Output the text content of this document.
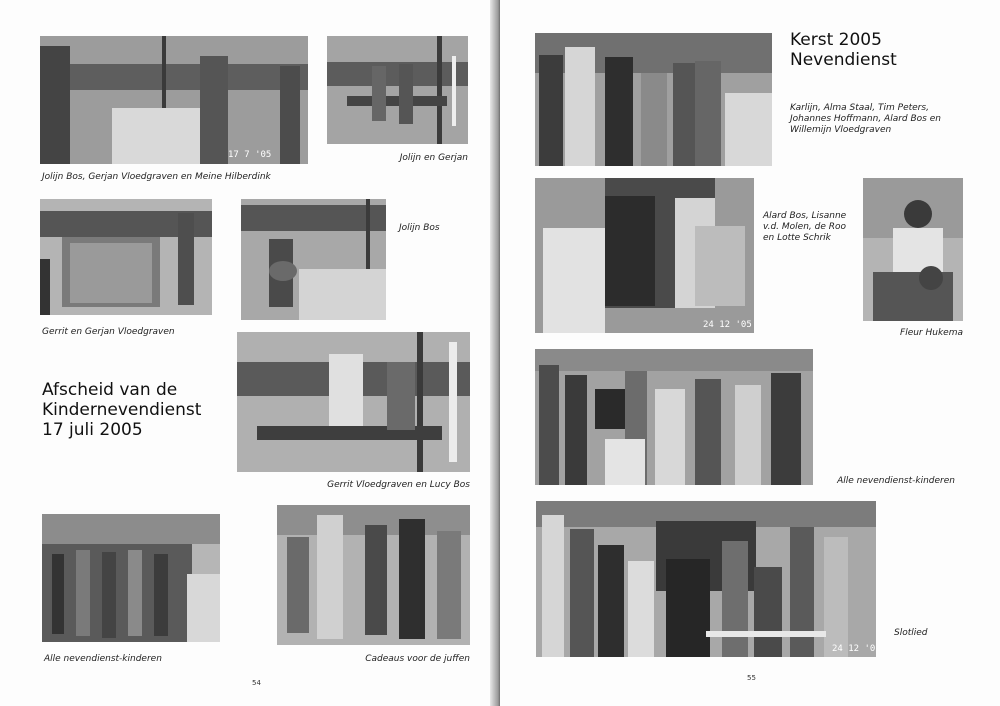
17 7 '05
Jolijn Bos, Gerjan Vloedgraven en Meine Hilberdink
Jolijn en Gerjan
Gerrit en Gerjan Vloedgraven
Jolijn Bos
Afscheid van de
Kindernevendienst
17 juli 2005
Gerrit Vloedgraven en Lucy Bos
Alle nevendienst-kinderen	Cadeaus voor de juffen
54
Kerst 2005
Nevendienst
Karlijn, Alma Staal, Tim Peters,
Johannes Hoffmann, Alard Bos en
Willemijn Vloedgraven
24 12 '05
Alard Bos, Lisanne
v.d. Molen, de Roo
en Lotte Schrik
Fleur Hukema
Alle nevendienst-kinderen
24 12 '0
Slotlied
55
